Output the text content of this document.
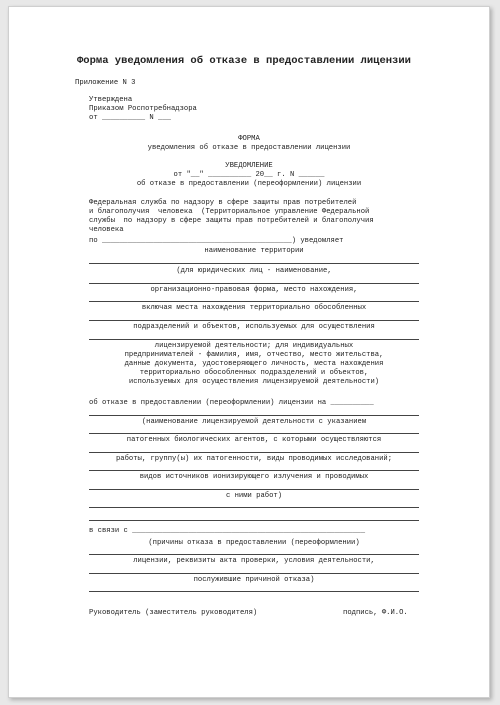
Форма уведомления об отказе в предоставлении лицензии
Приложение N 3
Утверждена
Приказом Роспотребнадзора
от __________ N ___
ФОРМА
уведомления об отказе в предоставлении лицензии
УВЕДОМЛЕНИЕ
от "__" __________ 20__ г. N ______
об отказе в предоставлении (переоформлении) лицензии
Федеральная служба по надзору в сфере защиты прав потребителей
и благополучия  человека  (Территориальное управление Федеральной
службы  по надзору в сфере защиты прав потребителей и благополучия
человека
по ____________________________________________) уведомляет
наименование территории
(для юридических лиц - наименование,
организационно-правовая форма, место нахождения,
включая места нахождения территориально обособленных
подразделений и объектов, используемых для осуществления
лицензируемой деятельности; для индивидуальных
предпринимателей - фамилия, имя, отчество, место жительства,
данные документа, удостоверяющего личность, места нахождения
территориально обособленных подразделений и объектов,
используемых для осуществления лицензируемой деятельности)
об отказе в предоставлении (переоформлении) лицензии на __________
(наименование лицензируемой деятельности с указанием
патогенных биологических агентов, с которыми осуществляются
работы, группу(ы) их патогенности, виды проводимых исследований;
видов источников ионизирующего излучения и проводимых
с ними работ)
в связи с ______________________________________________________
(причины отказа в предоставлении (переоформлении)
лицензии, реквизиты акта проверки, условия деятельности,
послужившие причиной отказа)
Руководитель (заместитель руководителя)	подпись, Ф.И.О.
